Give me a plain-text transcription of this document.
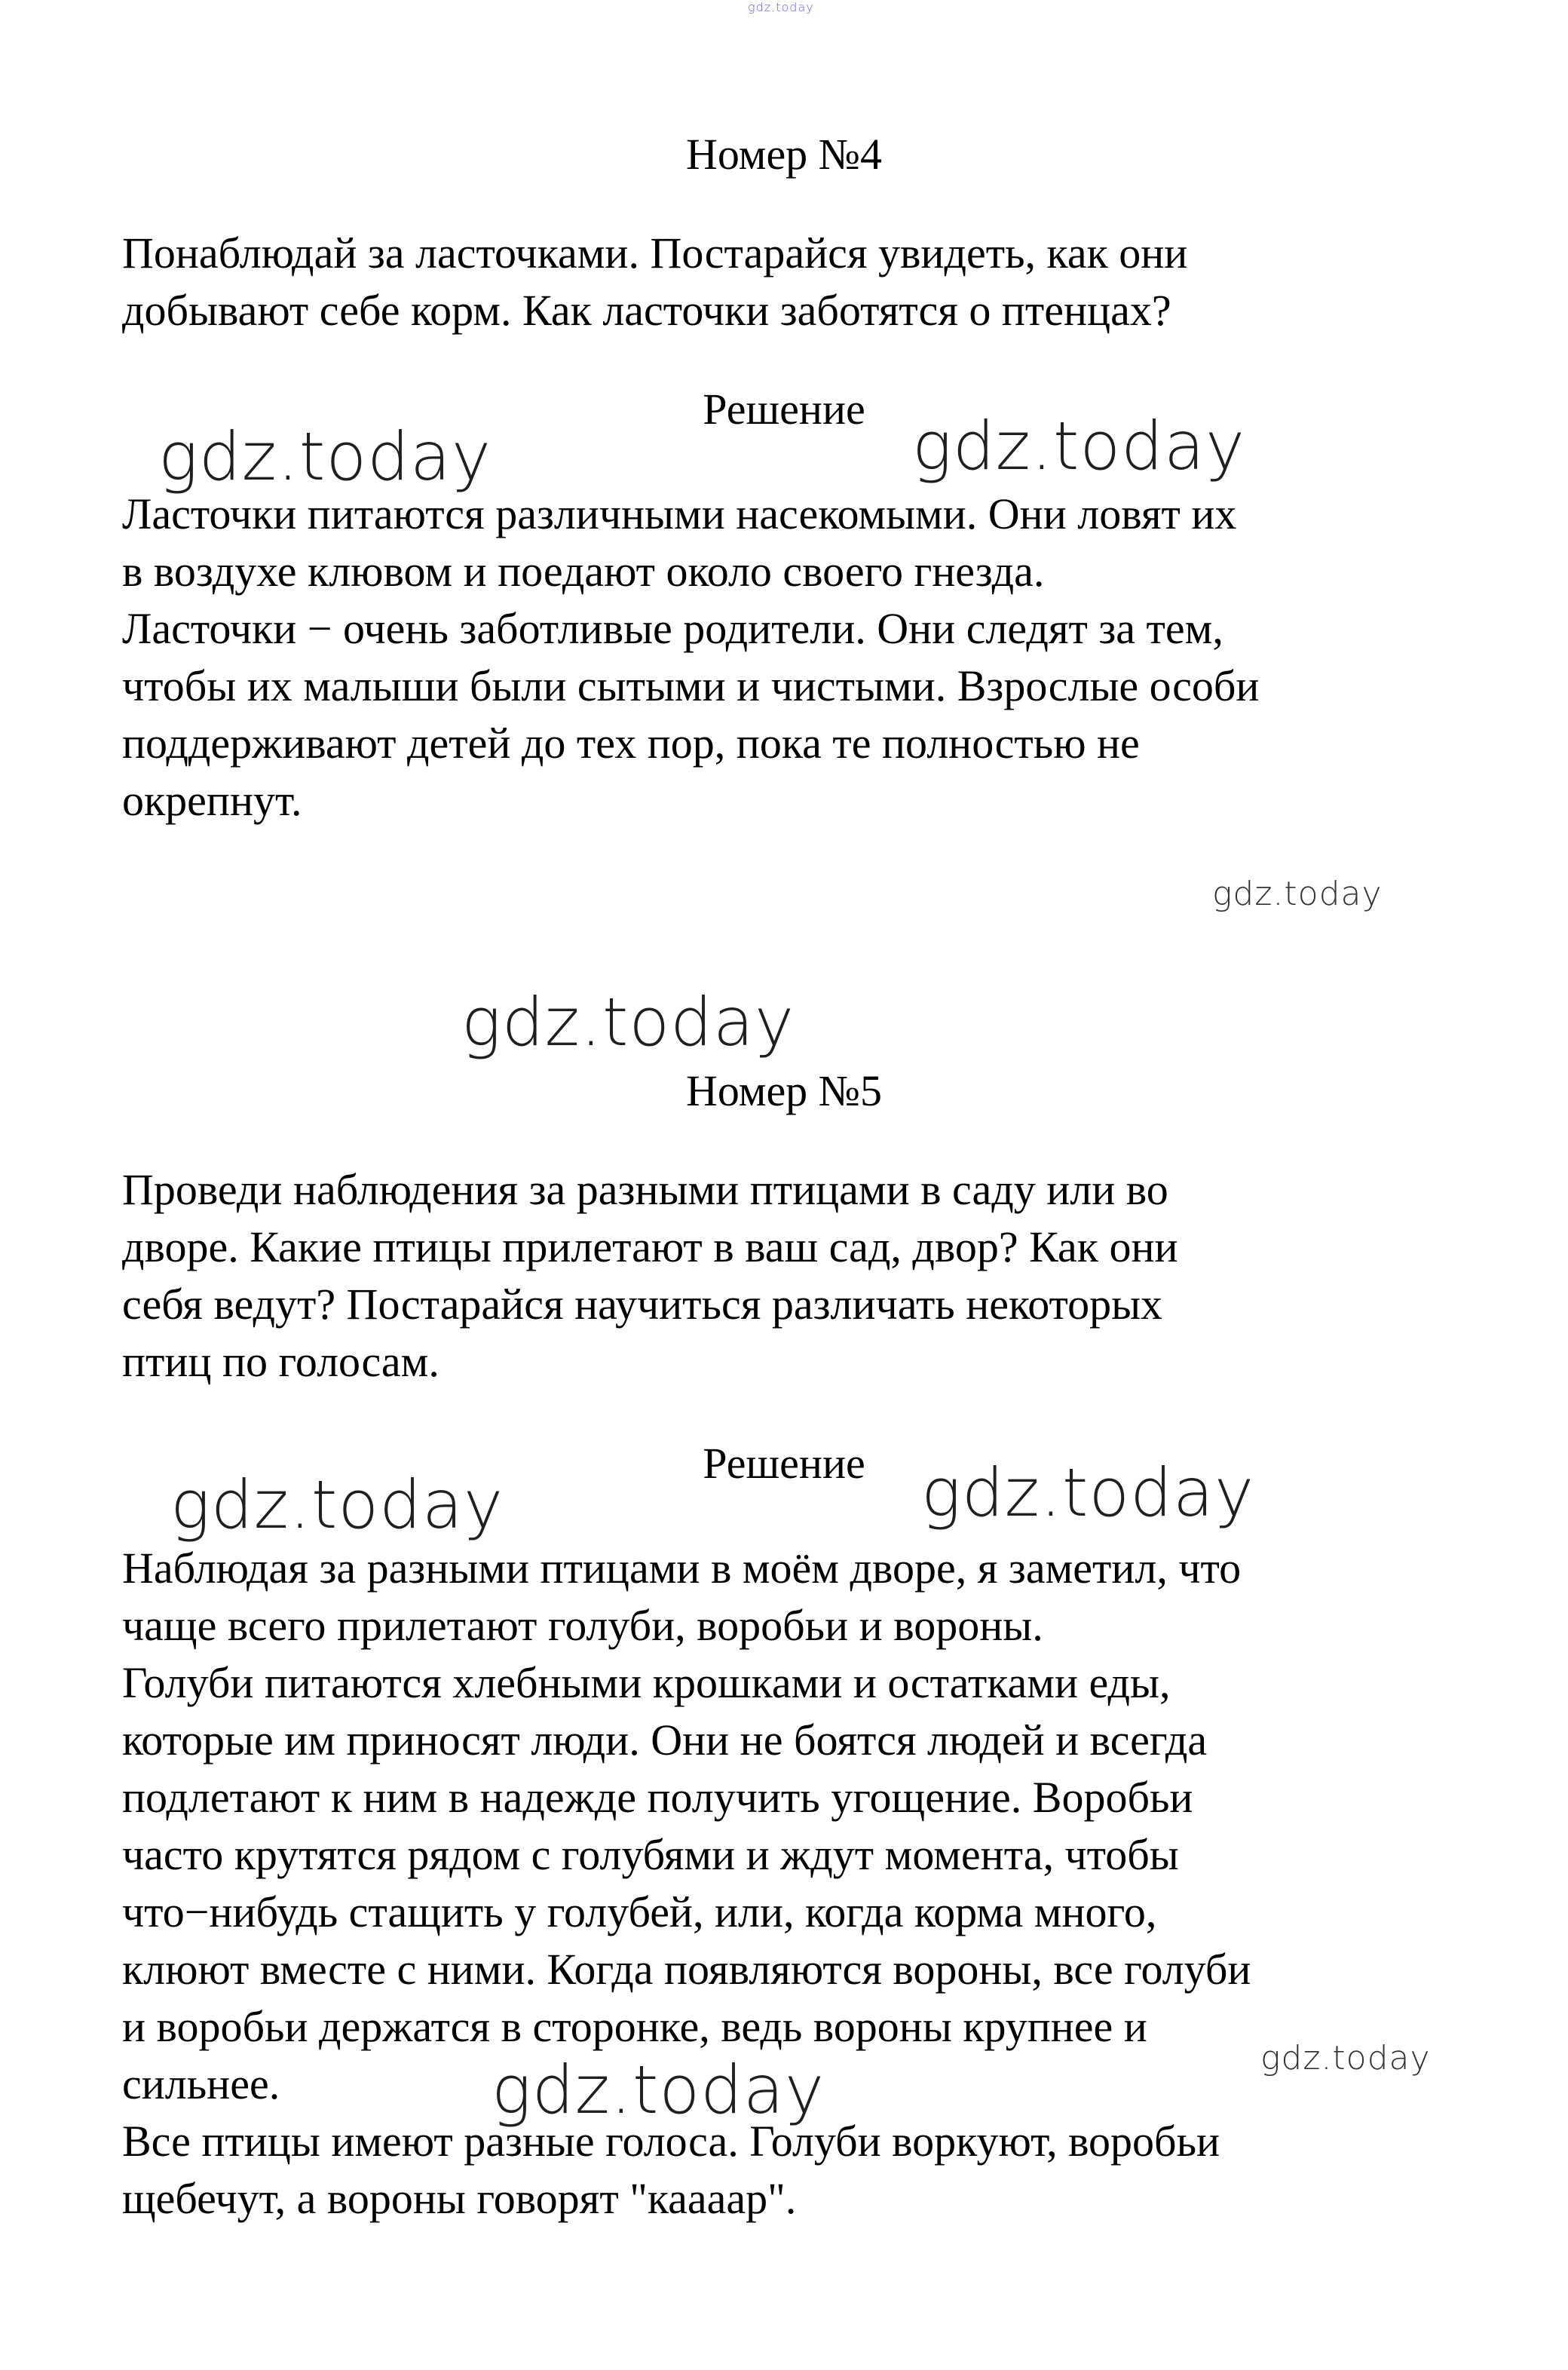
gdz.today
Номер №4
Понаблюдай за ласточками. Постарайся увидеть, как они
добывают себе корм. Как ласточки заботятся о птенцах?
Решение
Ласточки питаются различными насекомыми. Они ловят их
в воздухе клювом и поедают около своего гнезда.
Ласточки − очень заботливые родители. Они следят за тем,
чтобы их малыши были сытыми и чистыми. Взрослые особи
поддерживают детей до тех пор, пока те полностью не
окрепнут.
gdz.today	gdz.today
gdz.today
gdz.today
Номер №5
Проведи наблюдения за разными птицами в саду или во
дворе. Какие птицы прилетают в ваш сад, двор? Как они
себя ведут? Постарайся научиться различать некоторых
птиц по голосам.
Решение
Наблюдая за разными птицами в моём дворе, я заметил, что
чаще всего прилетают голуби, воробьи и вороны.
Голуби питаются хлебными крошками и остатками еды,
которые им приносят люди. Они не боятся людей и всегда
подлетают к ним в надежде получить угощение. Воробьи
часто крутятся рядом с голубями и ждут момента, чтобы
что−нибудь стащить у голубей, или, когда корма много,
клюют вместе с ними. Когда появляются вороны, все голуби
и воробьи держатся в сторонке, ведь вороны крупнее и
сильнее.
Все птицы имеют разные голоса. Голуби воркуют, воробьи
щебечут, а вороны говорят "каааар".
gdz.today	gdz.today
gdz.today
gdz.today
